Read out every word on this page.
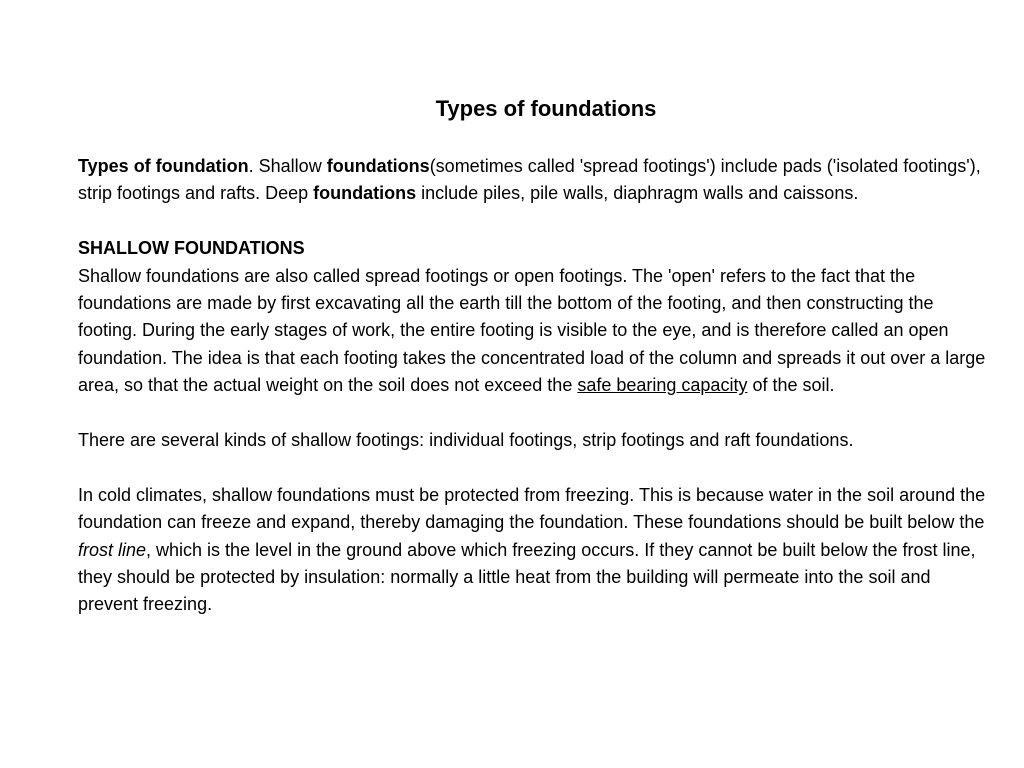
Types of foundations

Types of foundation. Shallow foundations(sometimes called 'spread footings') include pads ('isolated footings'), strip footings and rafts. Deep foundations include piles, pile walls, diaphragm walls and caissons.

SHALLOW FOUNDATIONS

Shallow foundations are also called spread footings or open footings. The 'open' refers to the fact that the foundations are made by first excavating all the earth till the bottom of the footing, and then constructing the footing. During the early stages of work, the entire footing is visible to the eye, and is therefore called an open foundation. The idea is that each footing takes the concentrated load of the column and spreads it out over a large area, so that the actual weight on the soil does not exceed the safe bearing capacity of the soil.

There are several kinds of shallow footings: individual footings, strip footings and raft foundations.

In cold climates, shallow foundations must be protected from freezing. This is because water in the soil around the foundation can freeze and expand, thereby damaging the foundation. These foundations should be built below the frost line, which is the level in the ground above which freezing occurs. If they cannot be built below the frost line, they should be protected by insulation: normally a little heat from the building will permeate into the soil and prevent freezing.
